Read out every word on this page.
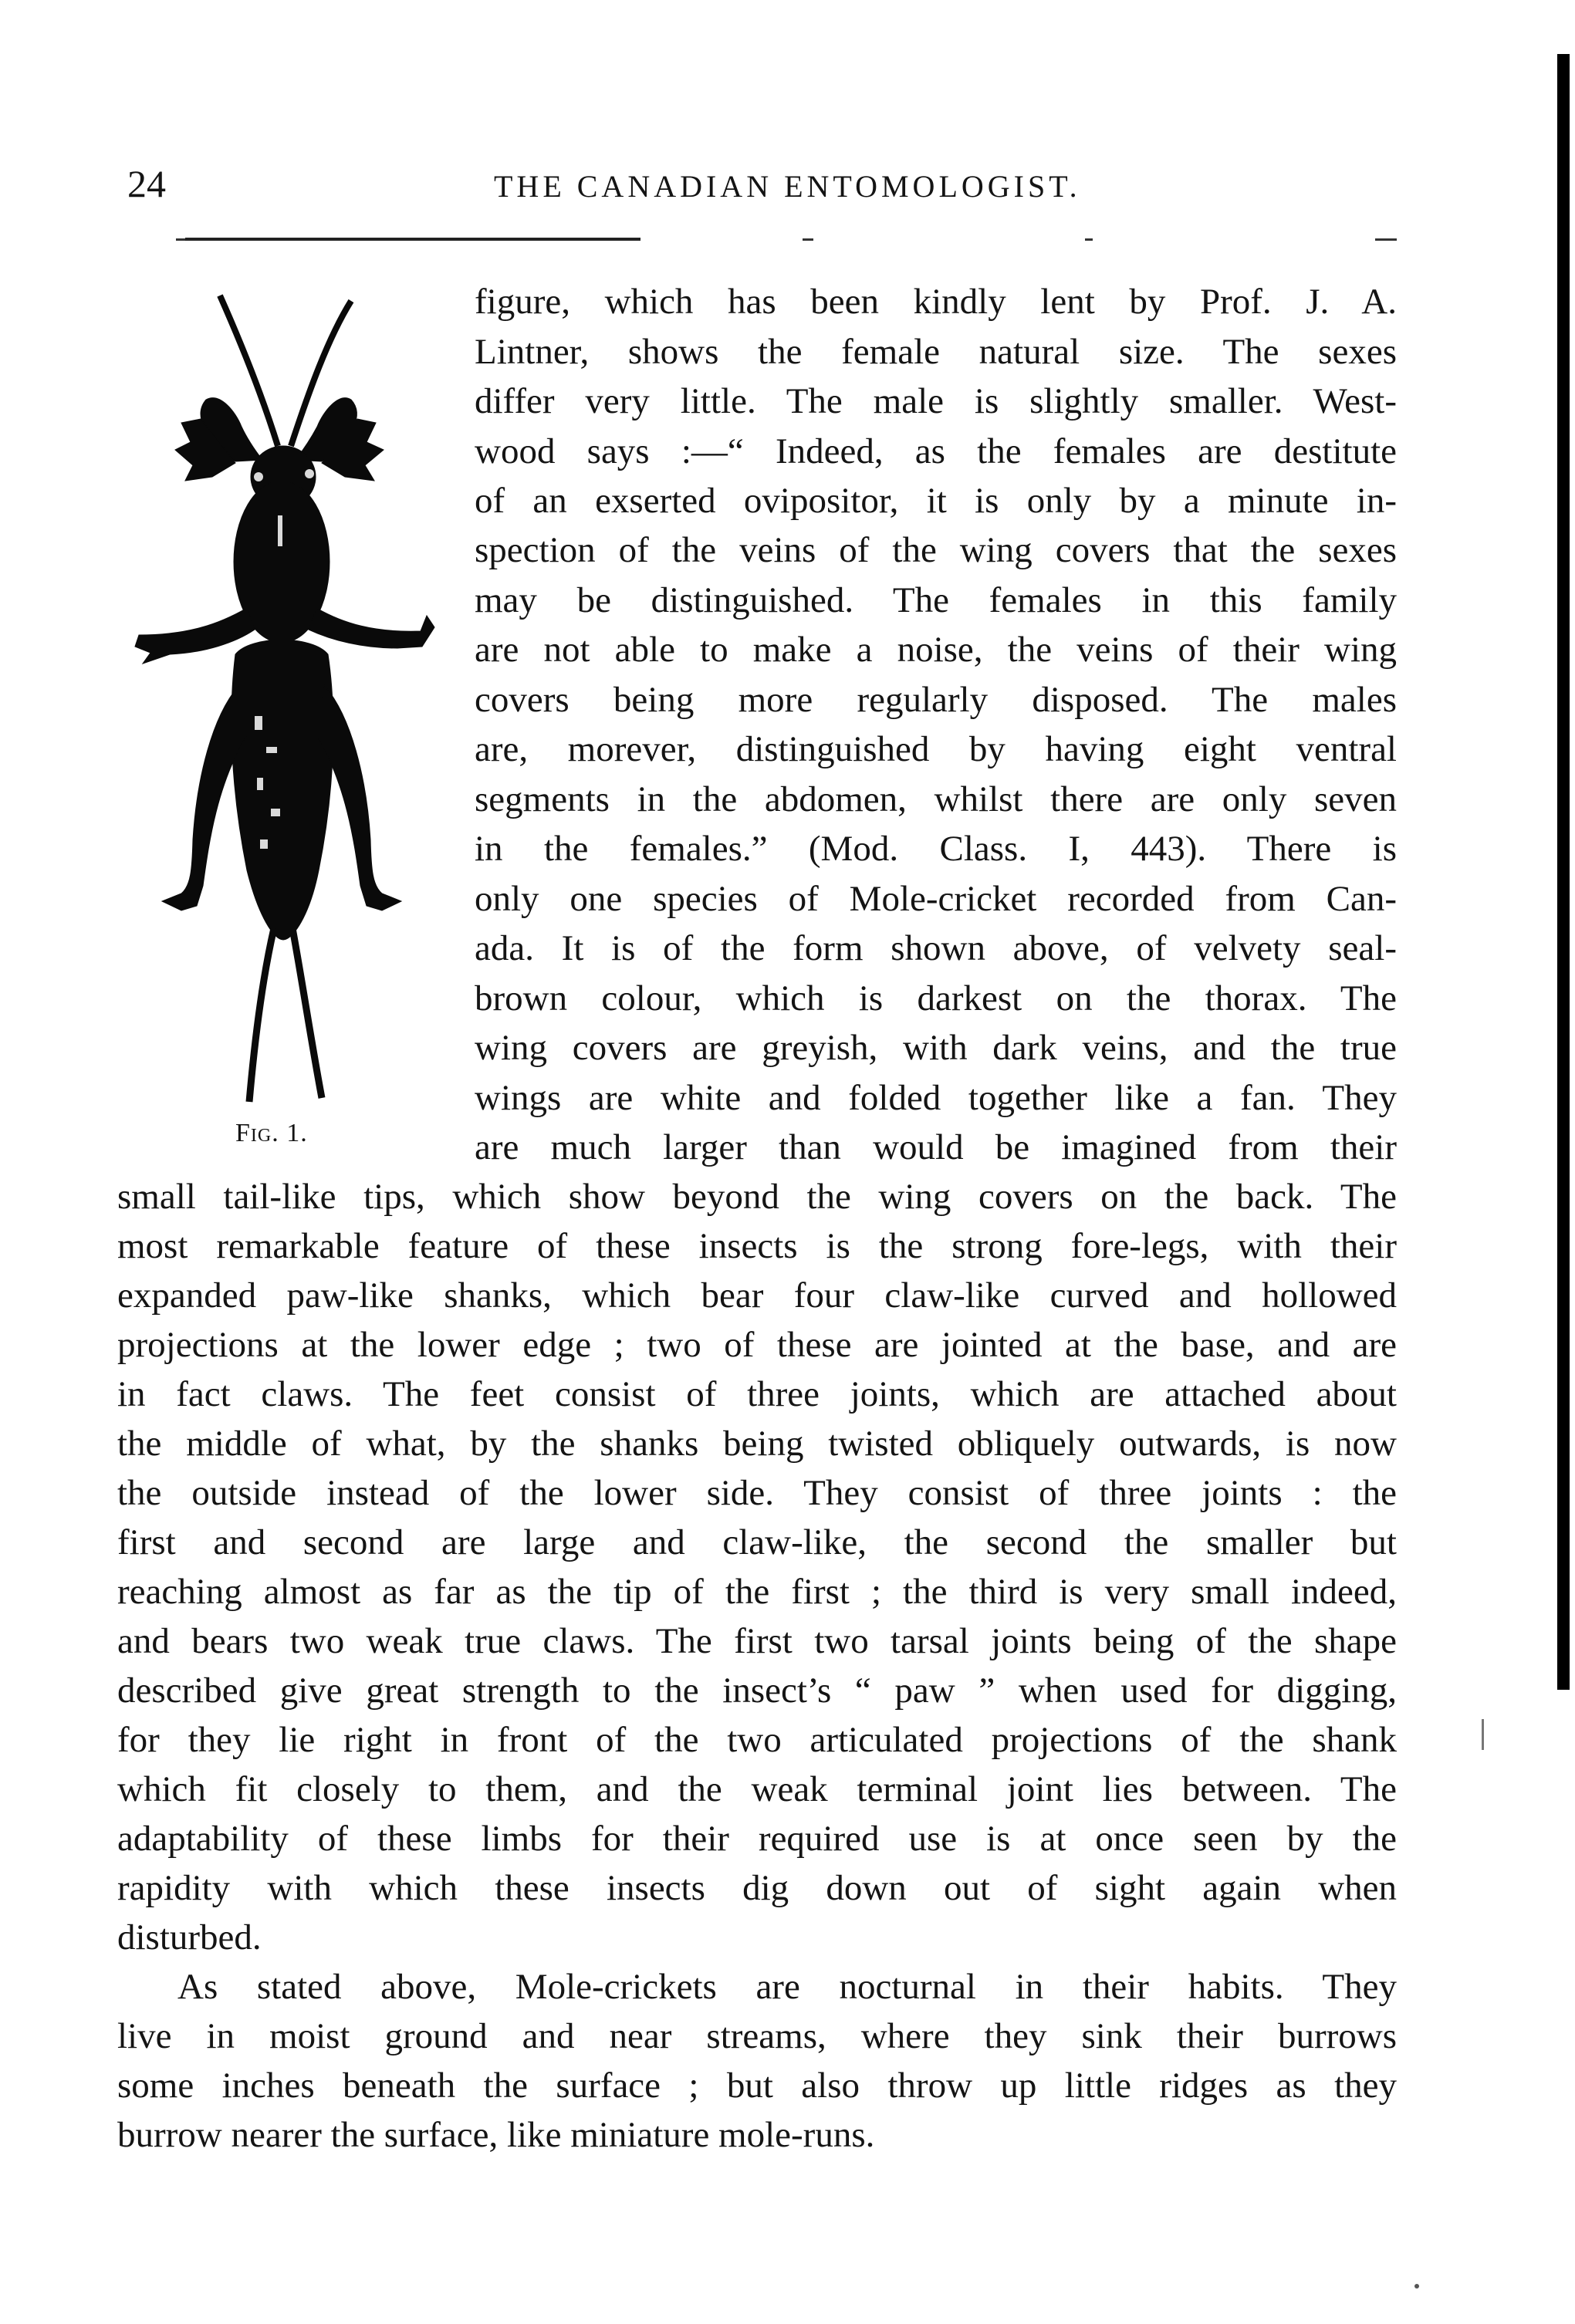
24	THE CANADIAN ENTOMOLOGIST.
Fig. 1.

figure, which has been kindly lent by Prof. J. A.

Lintner, shows the female natural size. The sexes

differ very little. The male is slightly smaller. West-

wood says :—“ Indeed, as the females are destitute

of an exserted ovipositor, it is only by a minute in-

spection of the veins of the wing covers that the sexes

may be distinguished. The females in this family

are not able to make a noise, the veins of their wing

covers being more regularly disposed. The males

are, morever, distinguished by having eight ventral

segments in the abdomen, whilst there are only seven

in the females.” (Mod. Class. I, 443). There is

only one species of Mole-cricket recorded from Can-

ada. It is of the form shown above, of velvety seal-

brown colour, which is darkest on the thorax. The

wing covers are greyish, with dark veins, and the true

wings are white and folded together like a fan. They

are much larger than would be imagined from their

small tail-like tips, which show beyond the wing covers on the back. The

most remarkable feature of these insects is the strong fore-legs, with their

expanded paw-like shanks, which bear four claw-like curved and hollowed

projections at the lower edge ; two of these are jointed at the base, and are

in fact claws. The feet consist of three joints, which are attached about

the middle of what, by the shanks being twisted obliquely outwards, is now

the outside instead of the lower side. They consist of three joints : the

first and second are large and claw-like, the second the smaller but

reaching almost as far as the tip of the first ; the third is very small indeed,

and bears two weak true claws. The first two tarsal joints being of the shape

described give great strength to the insect’s “ paw ” when used for digging,

for they lie right in front of the two articulated projections of the shank

which fit closely to them, and the weak terminal joint lies between. The

adaptability of these limbs for their required use is at once seen by the

rapidity with which these insects dig down out of sight again when

disturbed.

As stated above, Mole-crickets are nocturnal in their habits. They

live in moist ground and near streams, where they sink their burrows

some inches beneath the surface ; but also throw up little ridges as they

burrow nearer the surface, like miniature mole-runs.
